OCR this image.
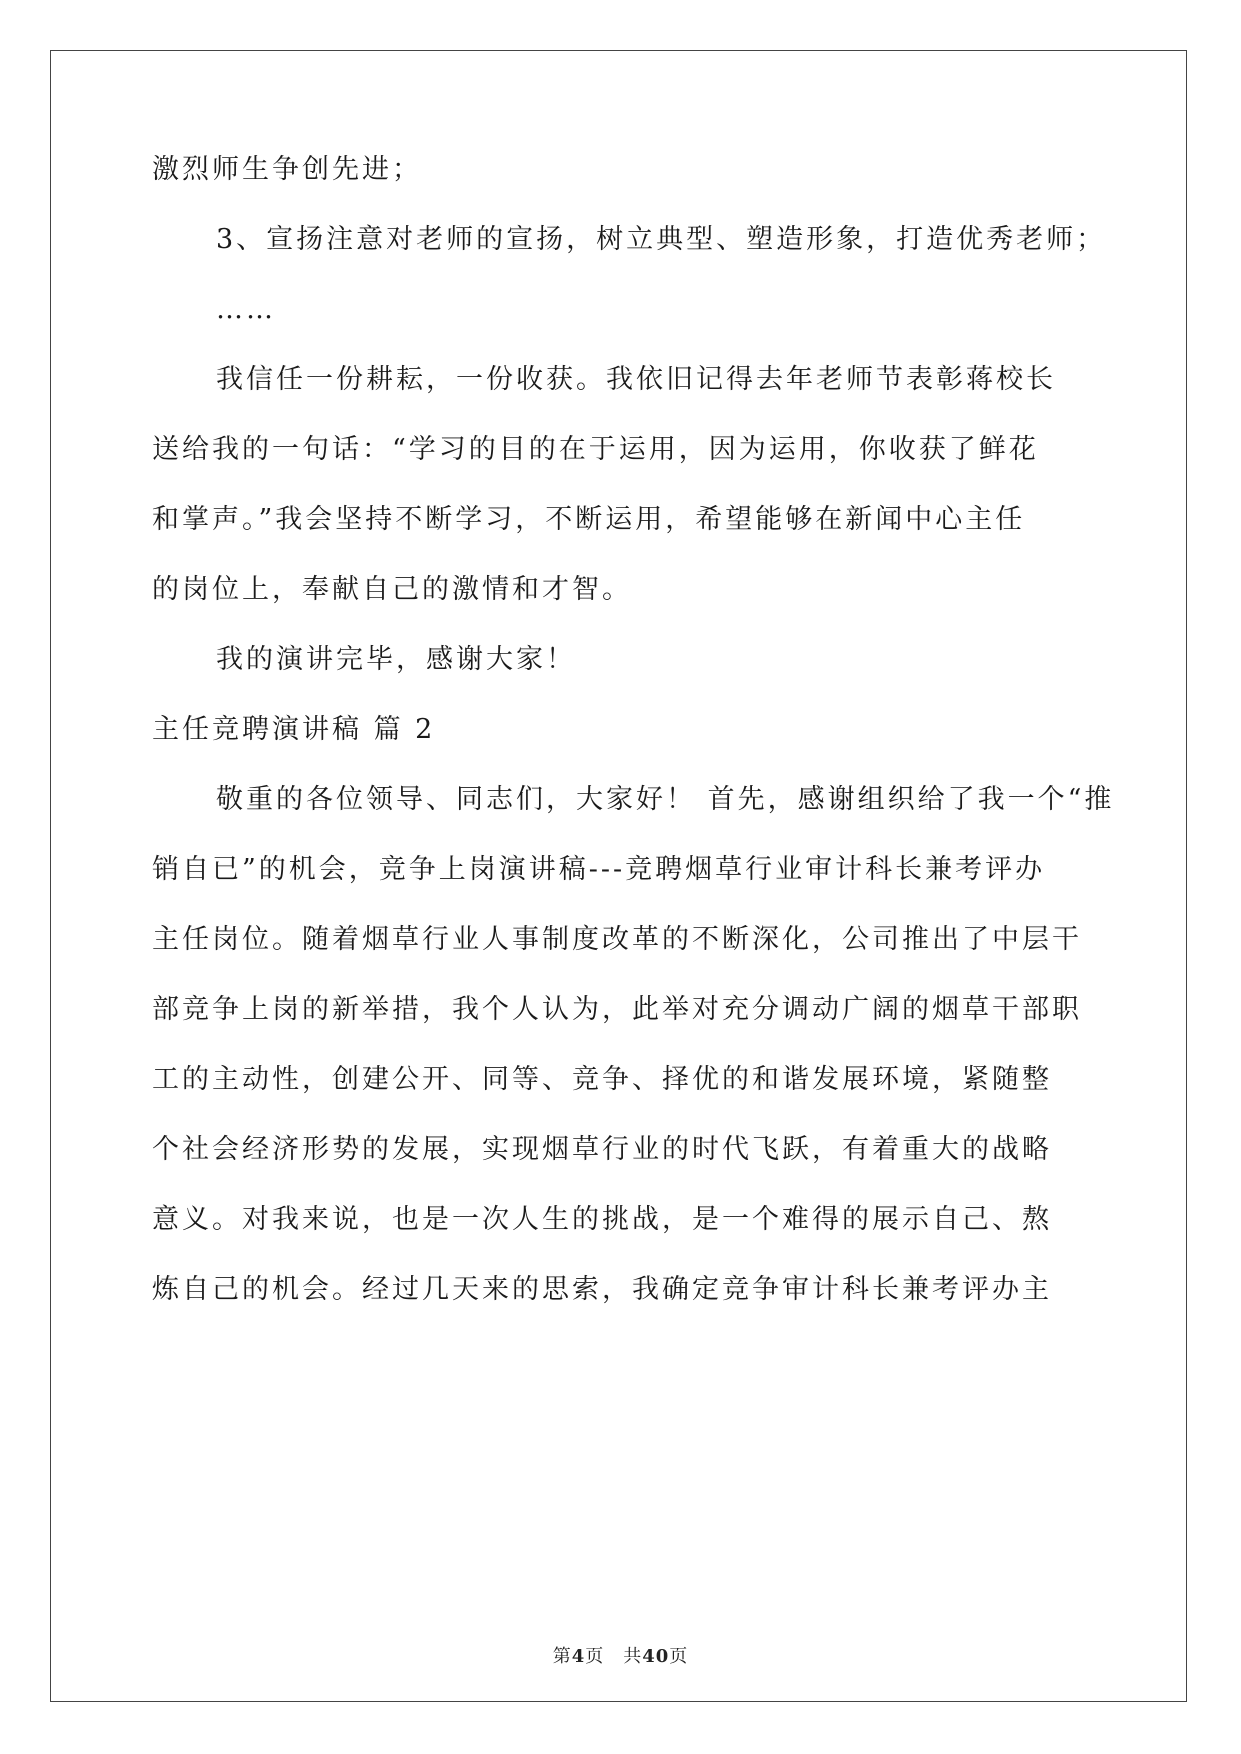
激烈师生争创先进；
3、宣扬注意对老师的宣扬，树立典型、塑造形象，打造优秀老师；
……
我信任一份耕耘，一份收获。我依旧记得去年老师节表彰蒋校长
送给我的一句话：“学习的目的在于运用，因为运用，你收获了鲜花
和掌声。”我会坚持不断学习，不断运用，希望能够在新闻中心主任
的岗位上，奉献自己的激情和才智。
我的演讲完毕，感谢大家！
主任竞聘演讲稿 篇 2
敬重的各位领导、同志们，大家好！ 首先，感谢组织给了我一个“推
销自已”的机会，竞争上岗演讲稿---竞聘烟草行业审计科长兼考评办
主任岗位。随着烟草行业人事制度改革的不断深化，公司推出了中层干
部竞争上岗的新举措，我个人认为，此举对充分调动广阔的烟草干部职
工的主动性，创建公开、同等、竞争、择优的和谐发展环境，紧随整
个社会经济形势的发展，实现烟草行业的时代飞跃，有着重大的战略
意义。对我来说，也是一次人生的挑战，是一个难得的展示自己、熬
炼自己的机会。经过几天来的思索，我确定竞争审计科长兼考评办主
第4页　共40页
